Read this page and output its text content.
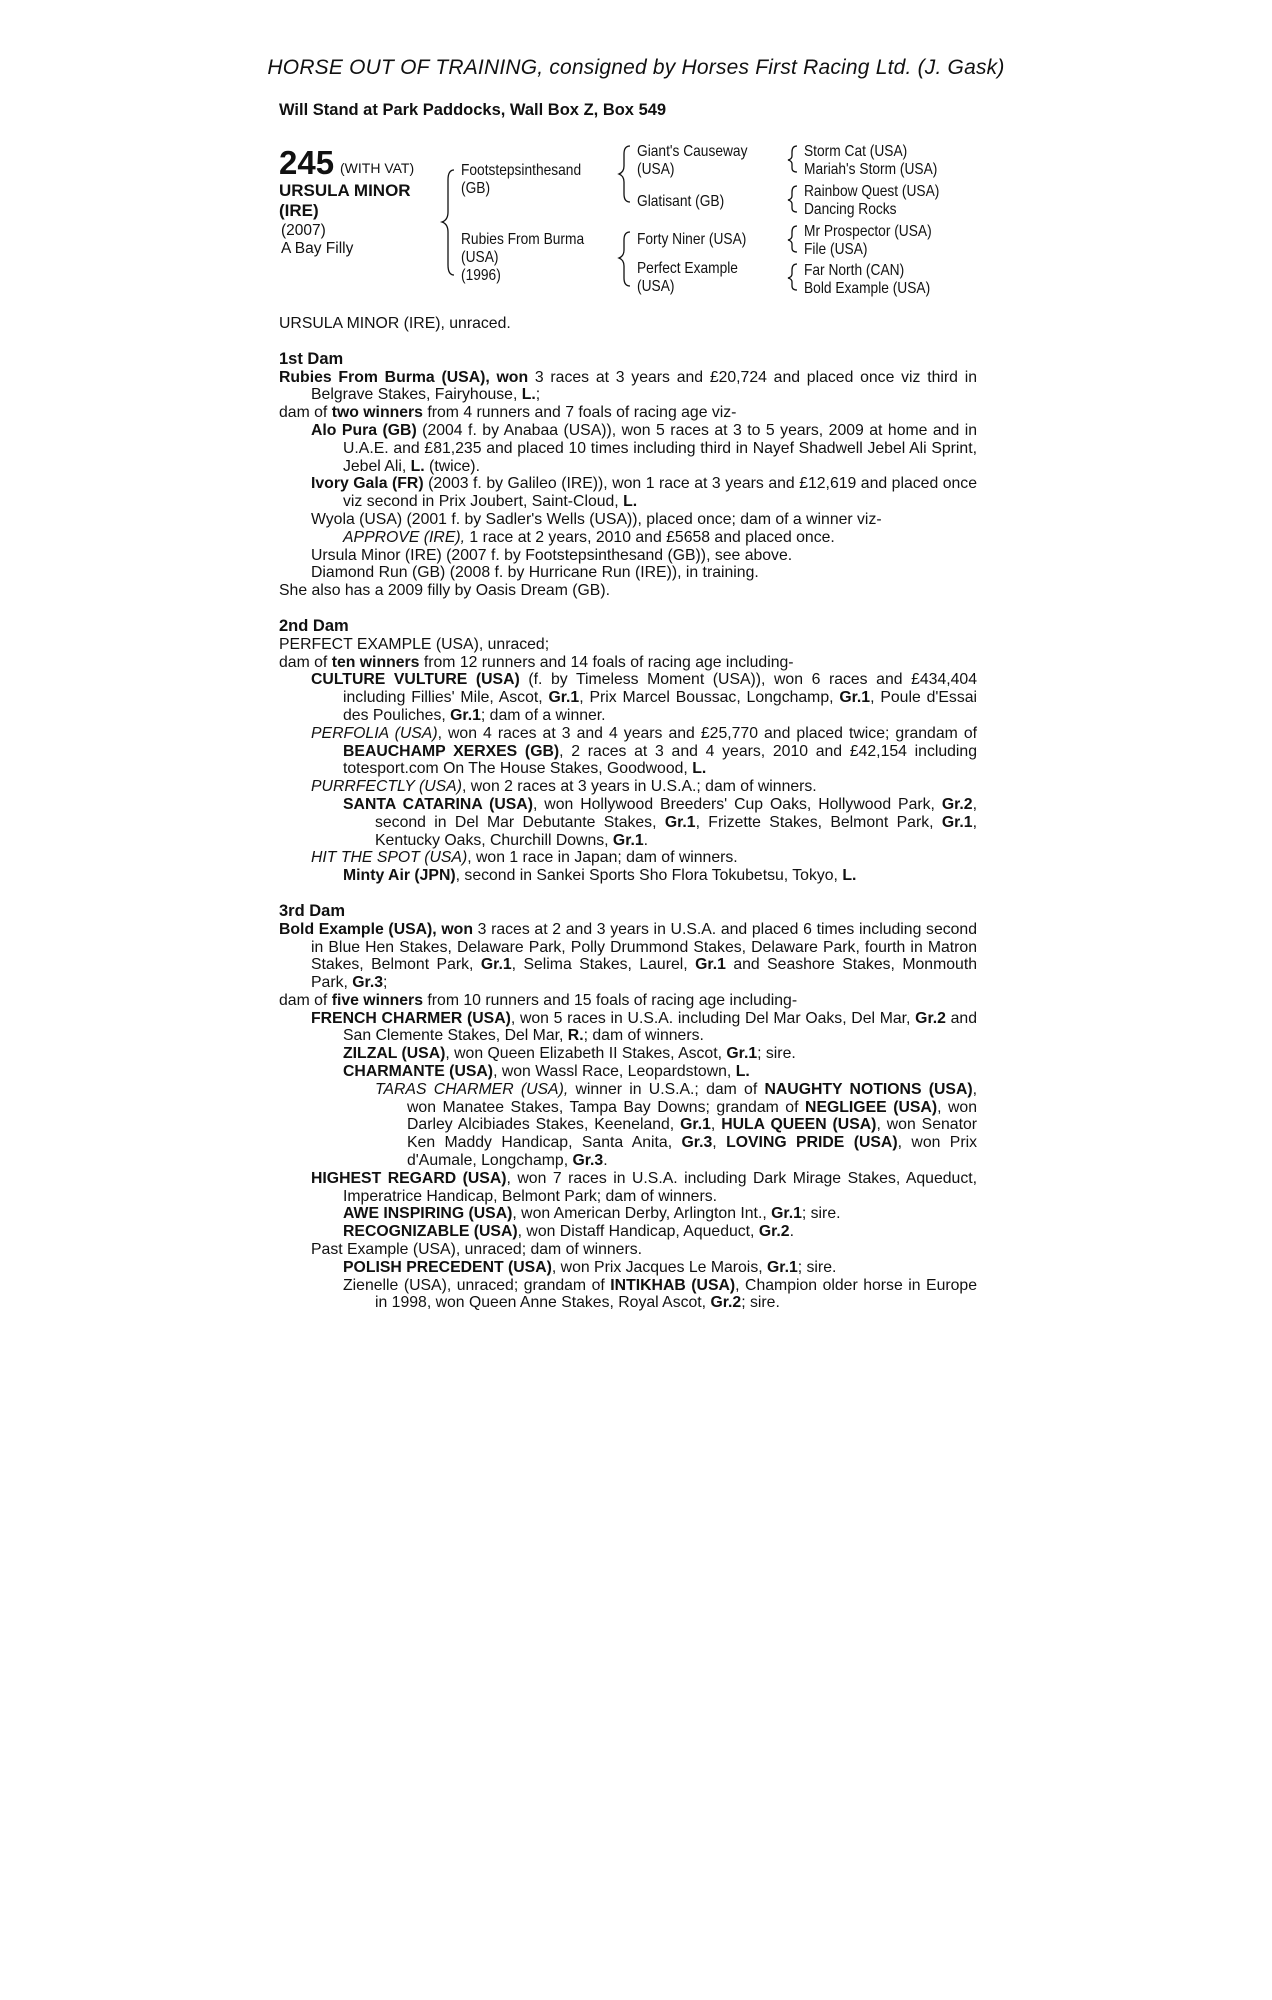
HORSE OUT OF TRAINING, consigned by Horses First Racing Ltd. (J. Gask)
Will Stand at Park Paddocks, Wall Box Z, Box 549
245 (WITH VAT)
URSULA MINOR
(IRE)
(2007)
A Bay Filly
Footstepsinthesand
(GB)
Rubies From Burma
(USA)
(1996)
Giant's Causeway
(USA)
Glatisant (GB)
Forty Niner (USA)
Perfect Example
(USA)
Storm Cat (USA)
Mariah's Storm (USA)
Rainbow Quest (USA)
Dancing Rocks
Mr Prospector (USA)
File (USA)
Far North (CAN)
Bold Example (USA)

URSULA MINOR (IRE), unraced.

1st Dam

Rubies From Burma (USA), won 3 races at 3 years and £20,724 and placed once viz third in Belgrave Stakes, Fairyhouse, L.;

dam of two winners from 4 runners and 7 foals of racing age viz-

Alo Pura (GB) (2004 f. by Anabaa (USA)), won 5 races at 3 to 5 years, 2009 at home and in U.A.E. and £81,235 and placed 10 times including third in Nayef Shadwell Jebel Ali Sprint, Jebel Ali, L. (twice).

Ivory Gala (FR) (2003 f. by Galileo (IRE)), won 1 race at 3 years and £12,619 and placed once viz second in Prix Joubert, Saint-Cloud, L.

Wyola (USA) (2001 f. by Sadler's Wells (USA)), placed once; dam of a winner viz-

APPROVE (IRE), 1 race at 2 years, 2010 and £5658 and placed once.

Ursula Minor (IRE) (2007 f. by Footstepsinthesand (GB)), see above.

Diamond Run (GB) (2008 f. by Hurricane Run (IRE)), in training.

She also has a 2009 filly by Oasis Dream (GB).

2nd Dam

PERFECT EXAMPLE (USA), unraced;

dam of ten winners from 12 runners and 14 foals of racing age including-

CULTURE VULTURE (USA) (f. by Timeless Moment (USA)), won 6 races and £434,404 including Fillies' Mile, Ascot, Gr.1, Prix Marcel Boussac, Longchamp, Gr.1, Poule d'Essai des Pouliches, Gr.1; dam of a winner.

PERFOLIA (USA), won 4 races at 3 and 4 years and £25,770 and placed twice; grandam of BEAUCHAMP XERXES (GB), 2 races at 3 and 4 years, 2010 and £42,154 including totesport.com On The House Stakes, Goodwood, L.

PURRFECTLY (USA), won 2 races at 3 years in U.S.A.; dam of winners.

SANTA CATARINA (USA), won Hollywood Breeders' Cup Oaks, Hollywood Park, Gr.2, second in Del Mar Debutante Stakes, Gr.1, Frizette Stakes, Belmont Park, Gr.1, Kentucky Oaks, Churchill Downs, Gr.1.

HIT THE SPOT (USA), won 1 race in Japan; dam of winners.

Minty Air (JPN), second in Sankei Sports Sho Flora Tokubetsu, Tokyo, L.

3rd Dam

Bold Example (USA), won 3 races at 2 and 3 years in U.S.A. and placed 6 times including second in Blue Hen Stakes, Delaware Park, Polly Drummond Stakes, Delaware Park, fourth in Matron Stakes, Belmont Park, Gr.1, Selima Stakes, Laurel, Gr.1 and Seashore Stakes, Monmouth Park, Gr.3;

dam of five winners from 10 runners and 15 foals of racing age including-

FRENCH CHARMER (USA), won 5 races in U.S.A. including Del Mar Oaks, Del Mar, Gr.2 and San Clemente Stakes, Del Mar, R.; dam of winners.

ZILZAL (USA), won Queen Elizabeth II Stakes, Ascot, Gr.1; sire.

CHARMANTE (USA), won Wassl Race, Leopardstown, L.

TARAS CHARMER (USA), winner in U.S.A.; dam of NAUGHTY NOTIONS (USA), won Manatee Stakes, Tampa Bay Downs; grandam of NEGLIGEE (USA), won Darley Alcibiades Stakes, Keeneland, Gr.1, HULA QUEEN (USA), won Senator Ken Maddy Handicap, Santa Anita, Gr.3, LOVING PRIDE (USA), won Prix d'Aumale, Longchamp, Gr.3.

HIGHEST REGARD (USA), won 7 races in U.S.A. including Dark Mirage Stakes, Aqueduct, Imperatrice Handicap, Belmont Park; dam of winners.

AWE INSPIRING (USA), won American Derby, Arlington Int., Gr.1; sire.

RECOGNIZABLE (USA), won Distaff Handicap, Aqueduct, Gr.2.

Past Example (USA), unraced; dam of winners.

POLISH PRECEDENT (USA), won Prix Jacques Le Marois, Gr.1; sire.

Zienelle (USA), unraced; grandam of INTIKHAB (USA), Champion older horse in Europe in 1998, won Queen Anne Stakes, Royal Ascot, Gr.2; sire.
